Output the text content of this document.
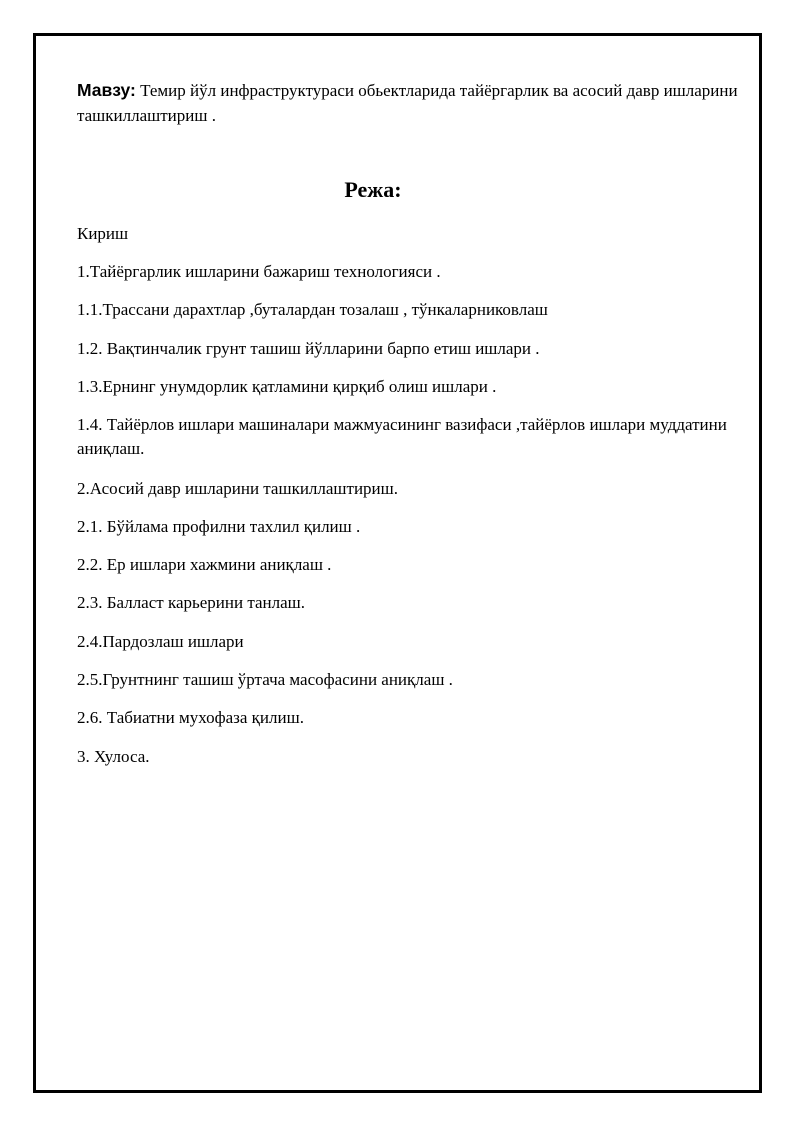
Мавзу: Темир йўл инфраструктураси обьектларида тайёргарлик ва асосий давр ишларини ташкиллаштириш .
Режа:
Кириш
1.Тайёргарлик ишларини бажариш технологияси .
1.1.Трассани дарахтлар ,буталардан тозалаш , тўнкаларниковлаш
1.2. Вақтинчалик грунт ташиш йўлларини барпо етиш ишлари .
1.3.Ернинг унумдорлик қатламини қирқиб олиш ишлари .
1.4. Тайёрлов ишлари машиналари мажмуасининг вазифаси ,тайёрлов ишлари муддатини аниқлаш.
2.Асосий давр ишларини ташкиллаштириш.
2.1. Бўйлама профилни тахлил қилиш .
2.2. Ер ишлари хажмини аниқлаш .
2.3. Балласт карьерини танлаш.
2.4.Пардозлаш ишлари
2.5.Грунтнинг ташиш ўртача масофасини аниқлаш .
2.6. Табиатни мухофаза қилиш.
3. Хулоса.
